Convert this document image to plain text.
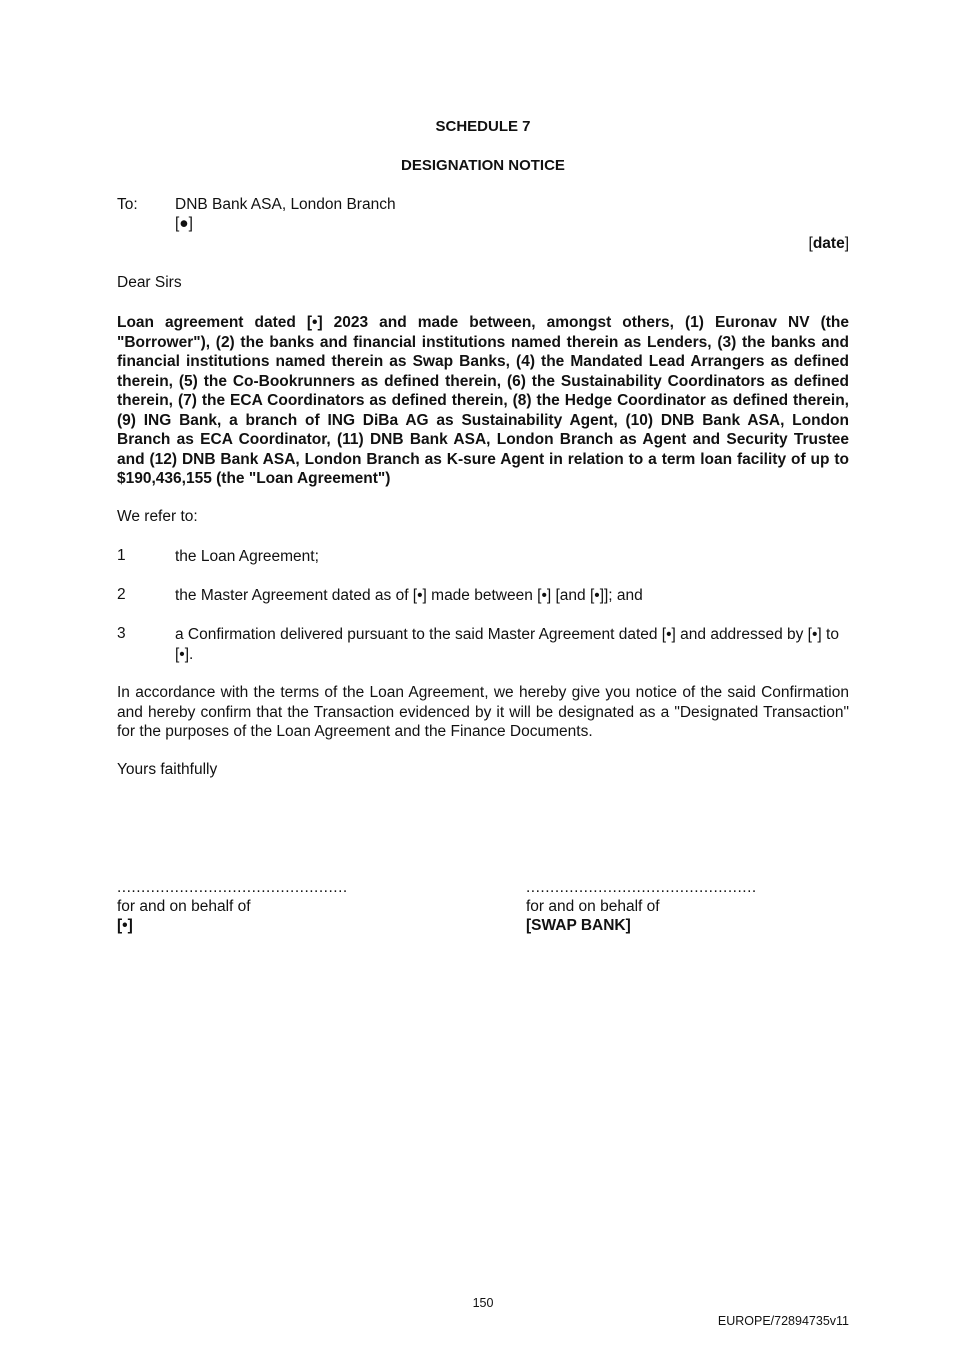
SCHEDULE 7
DESIGNATION NOTICE
To: DNB Bank ASA, London Branch
[●]
[date]
Dear Sirs
Loan agreement dated [•] 2023 and made between, amongst others, (1) Euronav NV (the "Borrower"), (2) the banks and financial institutions named therein as Lenders, (3) the banks and financial institutions named therein as Swap Banks, (4) the Mandated Lead Arrangers as defined therein, (5) the Co-Bookrunners as defined therein, (6) the Sustainability Coordinators as defined therein, (7) the ECA Coordinators as defined therein, (8) the Hedge Coordinator as defined therein, (9) ING Bank, a branch of ING DiBa AG as Sustainability Agent, (10) DNB Bank ASA, London Branch as ECA Coordinator, (11) DNB Bank ASA, London Branch as Agent and Security Trustee and (12) DNB Bank ASA, London Branch as K-sure Agent in relation to a term loan facility of up to $190,436,155 (the "Loan Agreement")
We refer to:
1	the Loan Agreement;
2	the Master Agreement dated as of [•] made between [•] [and [•]]; and
3	a Confirmation delivered pursuant to the said Master Agreement dated [•] and addressed by [•] to [•].
In accordance with the terms of the Loan Agreement, we hereby give you notice of the said Confirmation and hereby confirm that the Transaction evidenced by it will be designated as a "Designated Transaction" for the purposes of the Loan Agreement and the Finance Documents.
Yours faithfully
................................................
for and on behalf of
[•]
................................................
for and on behalf of
[SWAP BANK]
150
EUROPE/72894735v11
